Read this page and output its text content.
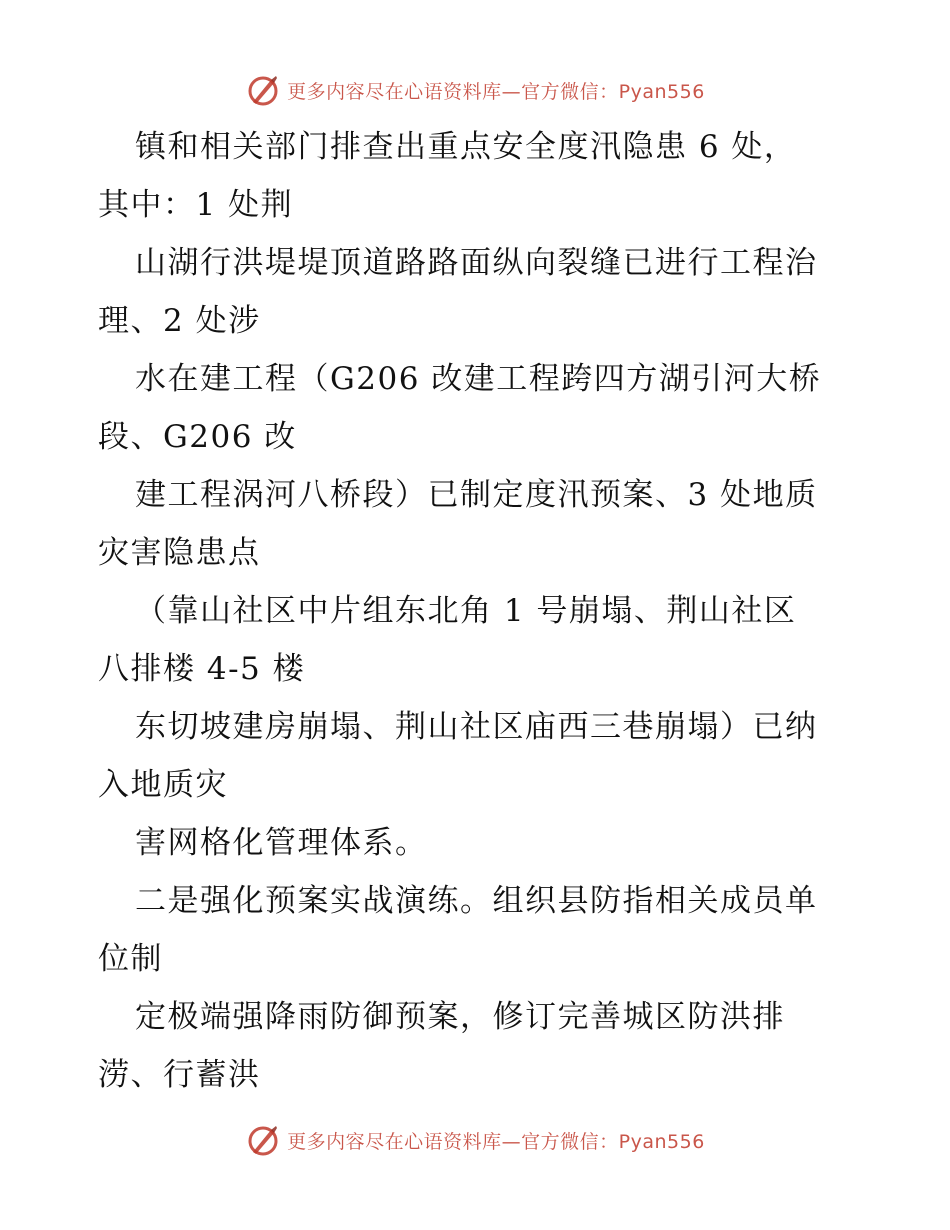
更多内容尽在心语资料库—官方微信：Pyan556
镇和相关部门排查出重点安全度汛隐患 6 处，
其中：1 处荆
山湖行洪堤堤顶道路路面纵向裂缝已进行工程治
理、2 处涉
水在建工程（G206 改建工程跨四方湖引河大桥
段、G206 改
建工程涡河八桥段）已制定度汛预案、3 处地质
灾害隐患点
（靠山社区中片组东北角 1 号崩塌、荆山社区
八排楼 4-5 楼
东切坡建房崩塌、荆山社区庙西三巷崩塌）已纳
入地质灾
害网格化管理体系。
二是强化预案实战演练。组织县防指相关成员单
位制
定极端强降雨防御预案，修订完善城区防洪排
涝、行蓄洪
更多内容尽在心语资料库—官方微信：Pyan556
